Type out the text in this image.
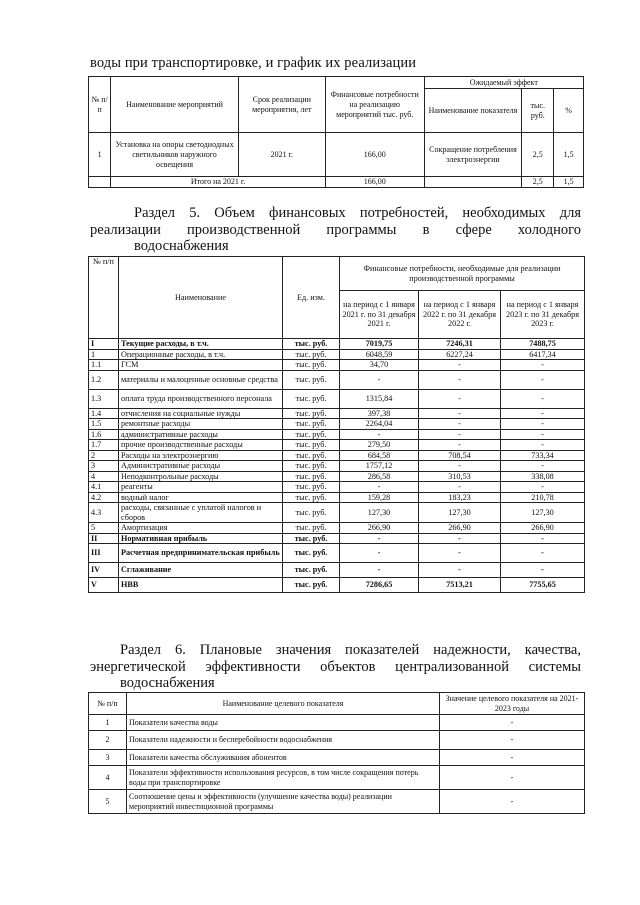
воды при транспортировке, и график их реализации
№ п/ п	Наименование мероприятий	Срок реализации мероприятия, лет	Финансовые потребности на реализацию мероприятий тыс. руб.	Ожидаемый эффект		
				Наименование показателя	тыс. руб.	%
1	Установка на опоры светодиодных светильников наружного освещения	2021 г.	166,00	Сокращение потребления электроэнергии	2,5	1,5
	Итого на 2021 г.		166,00		2,5	1,5
Раздел 5. Объем финансовых потребностей, необходимых для реализации производственной программы в сфере холодного
водоснабжения
№ п/п	Наименование	Ед. изм.	Финансовые потребности, необходимые для реализации производственной программы		
			на период с 1 января 2021 г. по 31 декабря 2021 г.	на период с 1 января 2022 г. по 31 декабря 2022 г.	на период с 1 января 2023 г. по 31 декабря 2023 г.
I	Текущие расходы, в т.ч.	тыс. руб.	7019,75	7246,31	7488,75
1	Операционные расходы, в т.ч.	тыс. руб.	6048,59	6227,24	6417,34
1.1	ГСМ	тыс. руб.	34,70	-	-
1.2	материалы и малоценные основные средства	тыс. руб.	-	-	-
1.3	оплата труда производственного персонала	тыс. руб.	1315,84	-	-
1.4	отчисления на социальные нужды	тыс. руб.	397,38	-	-
1.5	ремонтные расходы	тыс. руб.	2264,04	-	-
1.6	административные расходы	тыс. руб.	-	-	-
1.7	прочие производственные расходы	тыс. руб.	279,50	-	-
2	Расходы на электроэнергию	тыс. руб.	684,58	708,54	733,34
3	Административные расходы	тыс. руб.	1757,12	-	-
4	Неподконтрольные расходы	тыс. руб.	286,58	310,53	338,08
4.1	реагенты	тыс. руб.	-	-	-
4.2	водный налог	тыс. руб.	159,28	183,23	210,78
4.3	расходы, связанные с уплатой налогов и сборов	тыс. руб.	127,30	127,30	127,30
5	Амортизация	тыс. руб.	266,90	266,90	266,90
II	Нормативная прибыль	тыс. руб.	-	-	-
III	Расчетная предпринимательская прибыль	тыс. руб.	-	-	-
IV	Сглаживание	тыс. руб.	-	-	-
V	НВВ	тыс. руб.	7286,65	7513,21	7755,65
Раздел 6. Плановые значения показателей надежности, качества, энергетической эффективности объектов централизованной системы
водоснабжения
№ п/п	Наименование целевого показателя	Значение целевого показателя на 2021-2023 годы
1	Показатели качества воды	-
2	Показатели надежности и бесперебойности водоснабжения	-
3	Показатели качества обслуживания абонентов	-
4	Показатели эффективности использования ресурсов, в том числе сокращения потерь воды при транспортировке	-
5	Соотношение цены и эффективности (улучшение качества воды) реализации мероприятий инвестиционной программы	-
